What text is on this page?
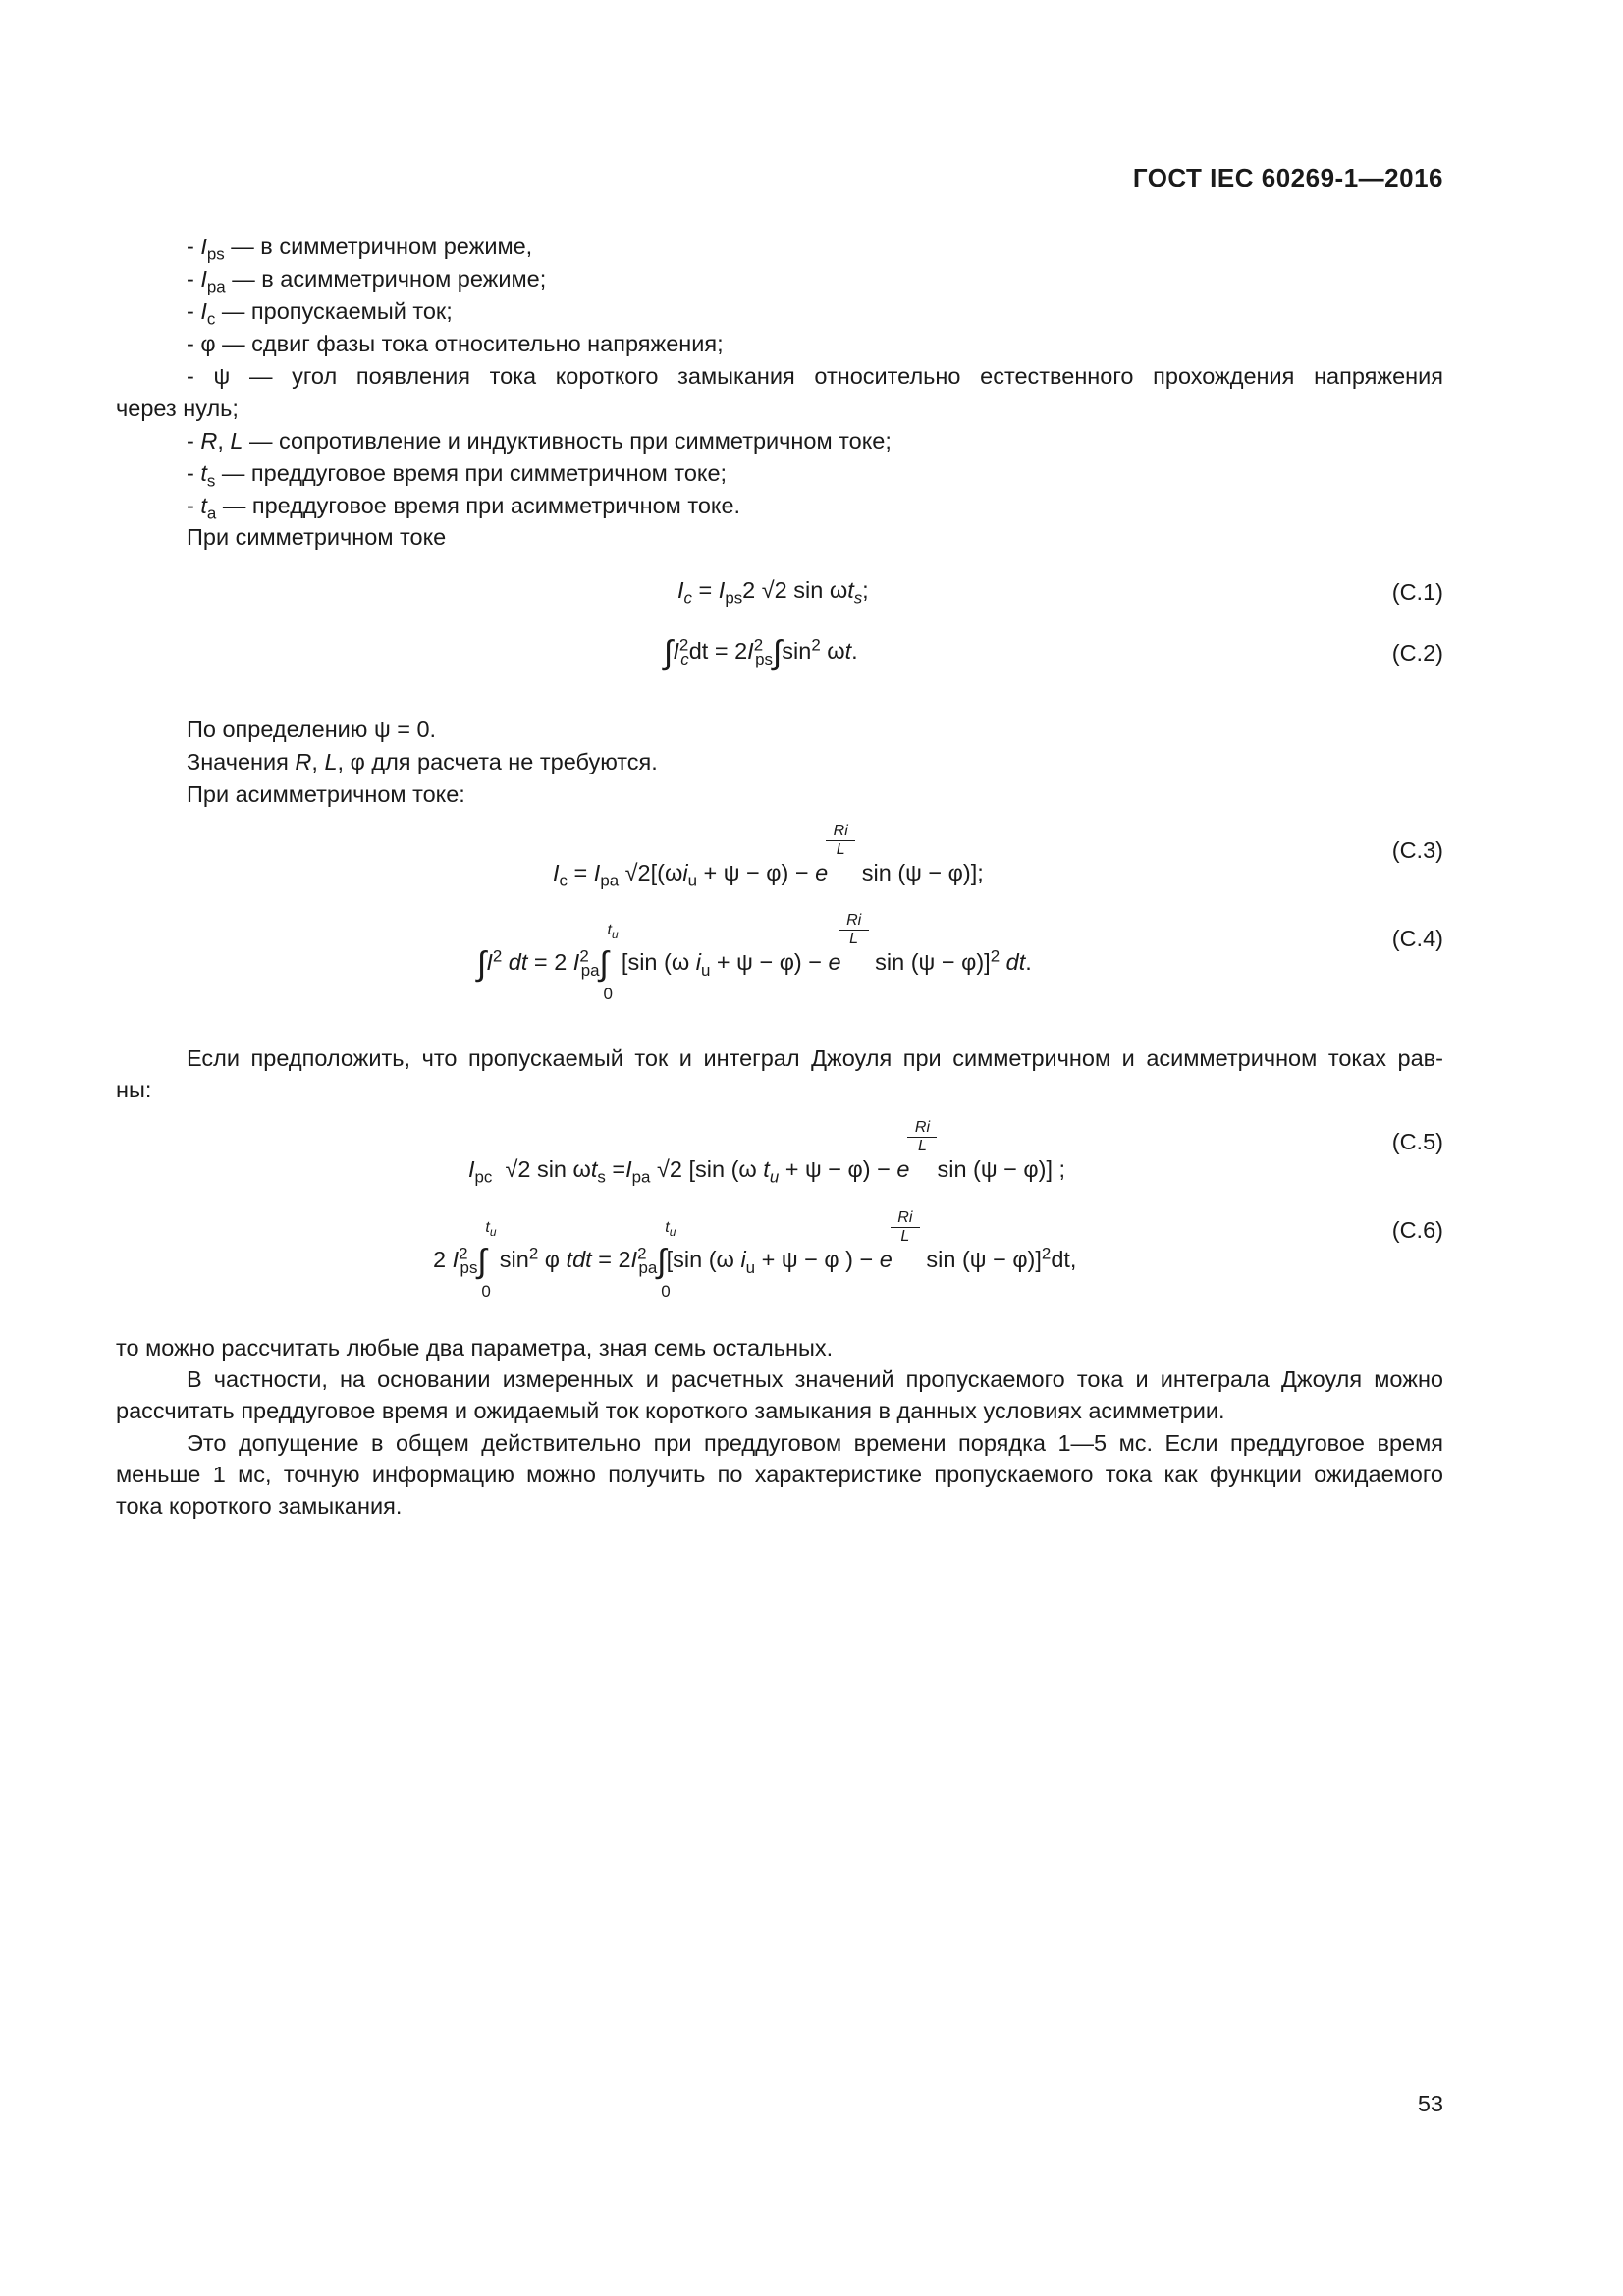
ГОСТ IEC 60269-1—2016
- $I_{ps}$ — в симметричном режиме,
- $I_{pa}$ — в асимметричном режиме;
- $I_c$ — пропускаемый ток;
- φ — сдвиг фазы тока относительно напряжения;
- ψ — угол появления тока короткого замыкания относительно естественного прохождения напряжения
через нуль;
- R, L — сопротивление и индуктивность при симметричном токе;
- $t_s$ — преддуговое время при симметричном токе;
- $t_a$ — преддуговое время при асимметричном токе.
При симметричном токе
$I_c = I_{ps}2$ √2 $\sin \omega t_s$;	(C.1)
$\int I^2_cdt = 2I^2_{ps}\int\sin^2$ ωt.	(C.2)
По определению ψ = 0.
Значения R, L, φ для расчета не требуются.
При асимметричном токе:
$I_c = I_{pa}$ $√2[(\omega i_u + \psi - \varphi) - e$
$\frac{Ri}{L}$
sin (ψ − φ)];
(C.3)
$\int I^2$ dt = 2 $I^2_{pa}$
$t_u$
∫
0
[sin (ω $i_u + \psi - \varphi) - e$
$\frac{Ri}{L}$
sin (ψ − φ)]$^2$ dt.
(C.4)
Если предположить, что пропускаемый ток и интеграл Джоуля при симметричном и асимметричном токах рав-
ны:
$I_{pc}$  √2 $\sin \omega t_s =I_{pa}$ √2 [sin (ω $t_u + \psi - \varphi) - e$
$\frac{Ri}{L}$
sin (ψ − φ)] ;
(C.5)
2 $I^2_{ps}$
$t_u$
∫
0
$\sin^2 \varphi$ tdt = $2I^2_{pa}$
$t_u$
∫
0
[sin (ω $i_u + \psi - \varphi$ ) − e
$\frac{Ri}{L}$
sin (ψ − φ)]$^2$dt,
(C.6)
то можно рассчитать любые два параметра, зная семь остальных.
В частности, на основании измеренных и расчетных значений пропускаемого тока и интеграла Джоуля можно
рассчитать преддуговое время и ожидаемый ток короткого замыкания в данных условиях асимметрии.
Это допущение в общем действительно при преддуговом времени порядка 1—5 мс. Если преддуговое время
меньше 1 мс, точную информацию можно получить по характеристике пропускаемого тока как функции ожидаемого
тока короткого замыкания.
53
